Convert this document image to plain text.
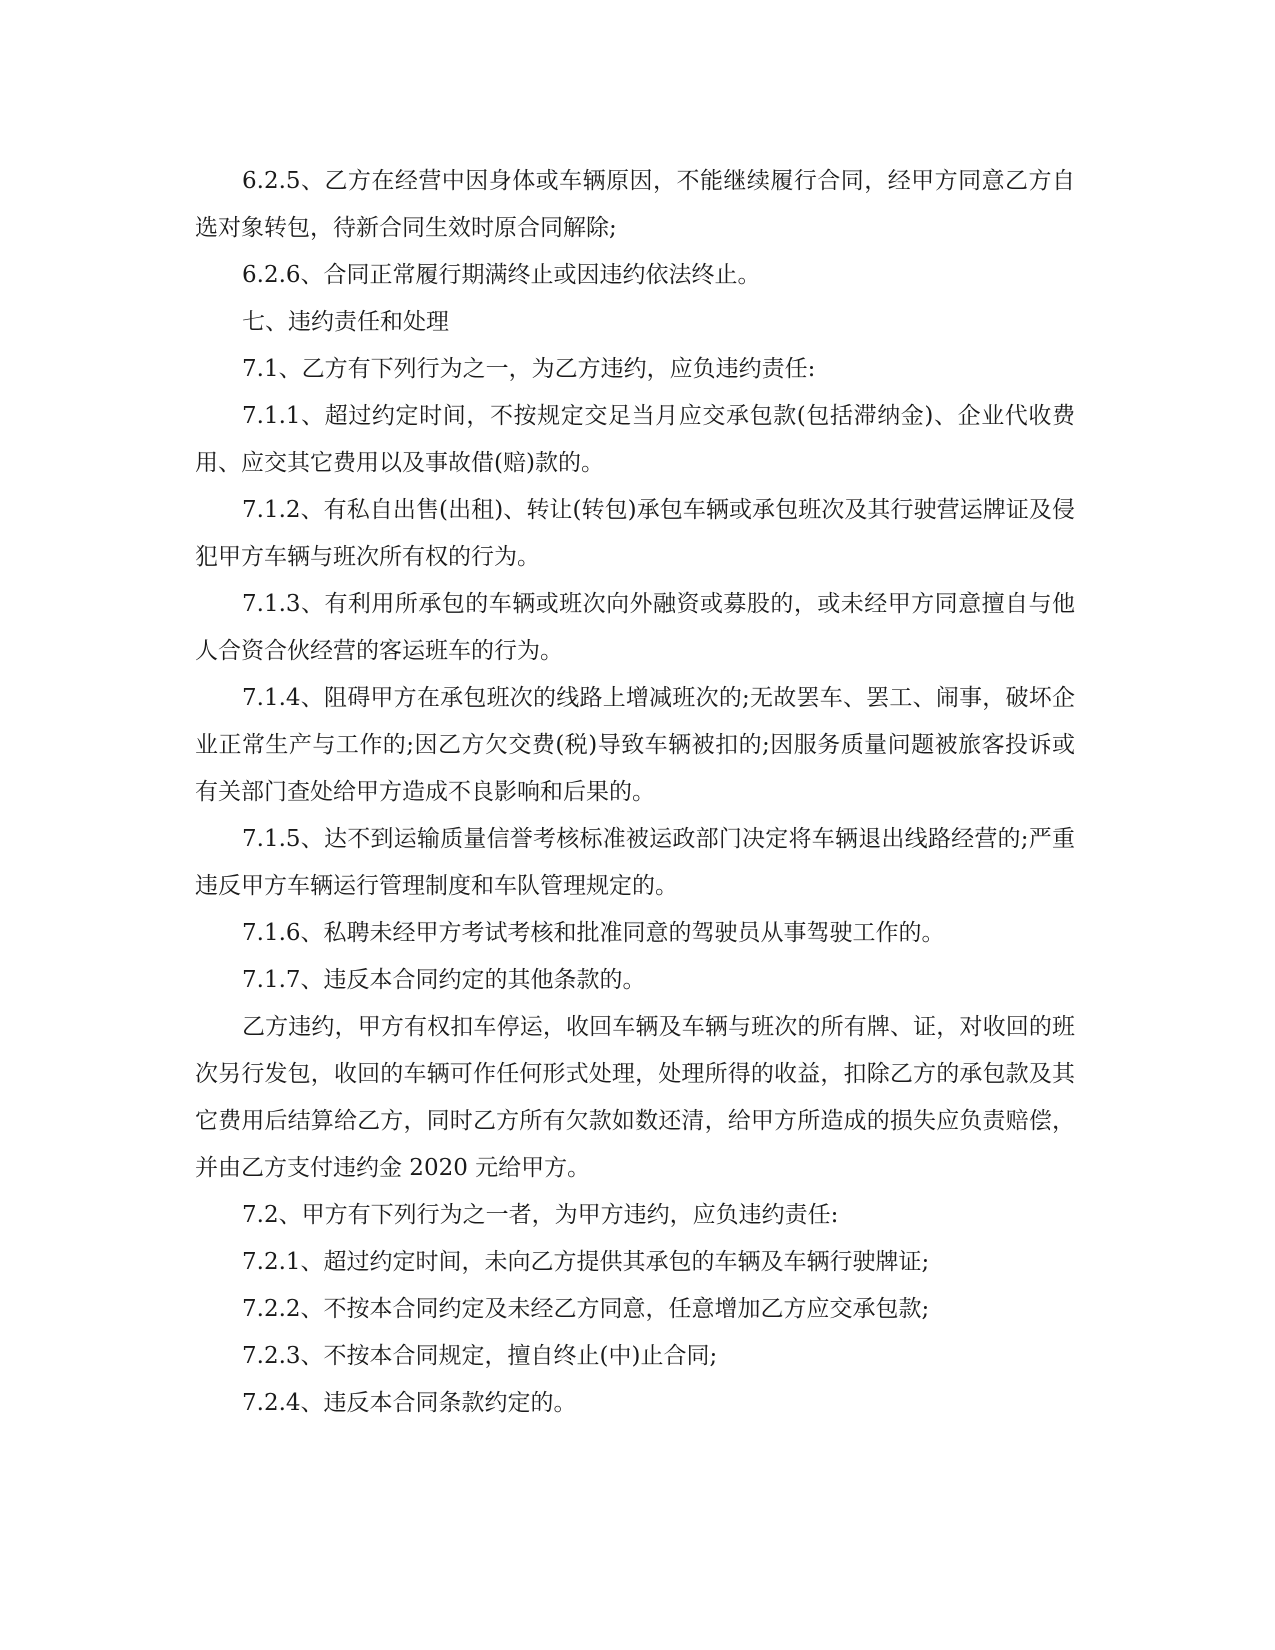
6.2.5、乙方在经营中因身体或车辆原因，不能继续履行合同，经甲方同意乙方自选对象转包，待新合同生效时原合同解除;

6.2.6、合同正常履行期满终止或因违约依法终止。

七、违约责任和处理

7.1、乙方有下列行为之一，为乙方违约，应负违约责任:

7.1.1、超过约定时间，不按规定交足当月应交承包款(包括滞纳金)、企业代收费用、应交其它费用以及事故借(赔)款的。

7.1.2、有私自出售(出租)、转让(转包)承包车辆或承包班次及其行驶营运牌证及侵犯甲方车辆与班次所有权的行为。

7.1.3、有利用所承包的车辆或班次向外融资或募股的，或未经甲方同意擅自与他人合资合伙经营的客运班车的行为。

7.1.4、阻碍甲方在承包班次的线路上增减班次的;无故罢车、罢工、闹事，破坏企业正常生产与工作的;因乙方欠交费(税)导致车辆被扣的;因服务质量问题被旅客投诉或有关部门查处给甲方造成不良影响和后果的。

7.1.5、达不到运输质量信誉考核标准被运政部门决定将车辆退出线路经营的;严重违反甲方车辆运行管理制度和车队管理规定的。

7.1.6、私聘未经甲方考试考核和批准同意的驾驶员从事驾驶工作的。

7.1.7、违反本合同约定的其他条款的。

乙方违约，甲方有权扣车停运，收回车辆及车辆与班次的所有牌、证，对收回的班次另行发包，收回的车辆可作任何形式处理，处理所得的收益，扣除乙方的承包款及其它费用后结算给乙方，同时乙方所有欠款如数还清，给甲方所造成的损失应负责赔偿，并由乙方支付违约金 2020 元给甲方。

7.2、甲方有下列行为之一者，为甲方违约，应负违约责任:

7.2.1、超过约定时间，未向乙方提供其承包的车辆及车辆行驶牌证;

7.2.2、不按本合同约定及未经乙方同意，任意增加乙方应交承包款;

7.2.3、不按本合同规定，擅自终止(中)止合同;

7.2.4、违反本合同条款约定的。
